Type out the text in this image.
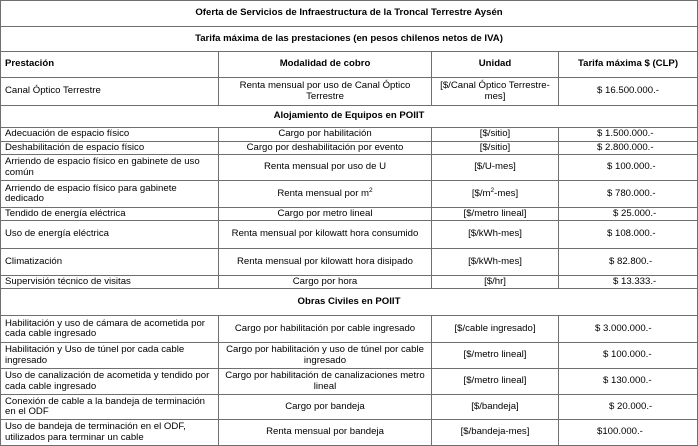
Oferta de Servicios de Infraestructura de la Troncal Terrestre Aysén			
Tarifa máxima de las prestaciones (en pesos chilenos netos de IVA)			
Prestación	Modalidad de cobro	Unidad	Tarifa máxima $ (CLP)
Canal Óptico Terrestre	Renta mensual por uso de Canal Óptico Terrestre	[$/Canal Óptico Terrestre-mes]	$ 16.500.000.-
Alojamiento de Equipos en POIIT			
Adecuación de espacio físico	Cargo por habilitación	[$/sitio]	$ 1.500.000.-
Deshabilitación de espacio físico	Cargo por deshabilitación por evento	[$/sitio]	$ 2.800.000.-
Arriendo de espacio físico en gabinete de uso común	Renta mensual por uso de U	[$/U-mes]	$ 100.000.-
Arriendo de espacio físico para gabinete dedicado	Renta mensual por $m^2$	$[\$/m^2-mes]$	$ 780.000.-
Tendido de energía eléctrica	Cargo por metro lineal	[$/metro lineal]	$ 25.000.-
Uso de energía eléctrica	Renta mensual por kilowatt hora consumido	[$/kWh-mes]	$ 108.000.-
Climatización	Renta mensual por kilowatt hora disipado	[$/kWh-mes]	$ 82.800.-
Supervisión técnico de visitas	Cargo por hora	[$/hr]	$ 13.333.-
Obras Civiles en POIIT			
Habilitación y uso de cámara de acometida por cada cable ingresado	Cargo por habilitación por cable ingresado	[$/cable ingresado]	$ 3.000.000.-
Habilitación y Uso de túnel por cada cable ingresado	Cargo por habilitación y uso de túnel por cable ingresado	[$/metro lineal]	$ 100.000.-
Uso de canalización de acometida y tendido por cada cable ingresado	Cargo por habilitación de canalizaciones metro lineal	[$/metro lineal]	$ 130.000.-
Conexión de cable a la bandeja de terminación en el ODF	Cargo por bandeja	[$/bandeja]	$ 20.000.-
Uso de bandeja de terminación en el ODF, utilizados para terminar un cable	Renta mensual por bandeja	[$/bandeja-mes]	$100.000.-
